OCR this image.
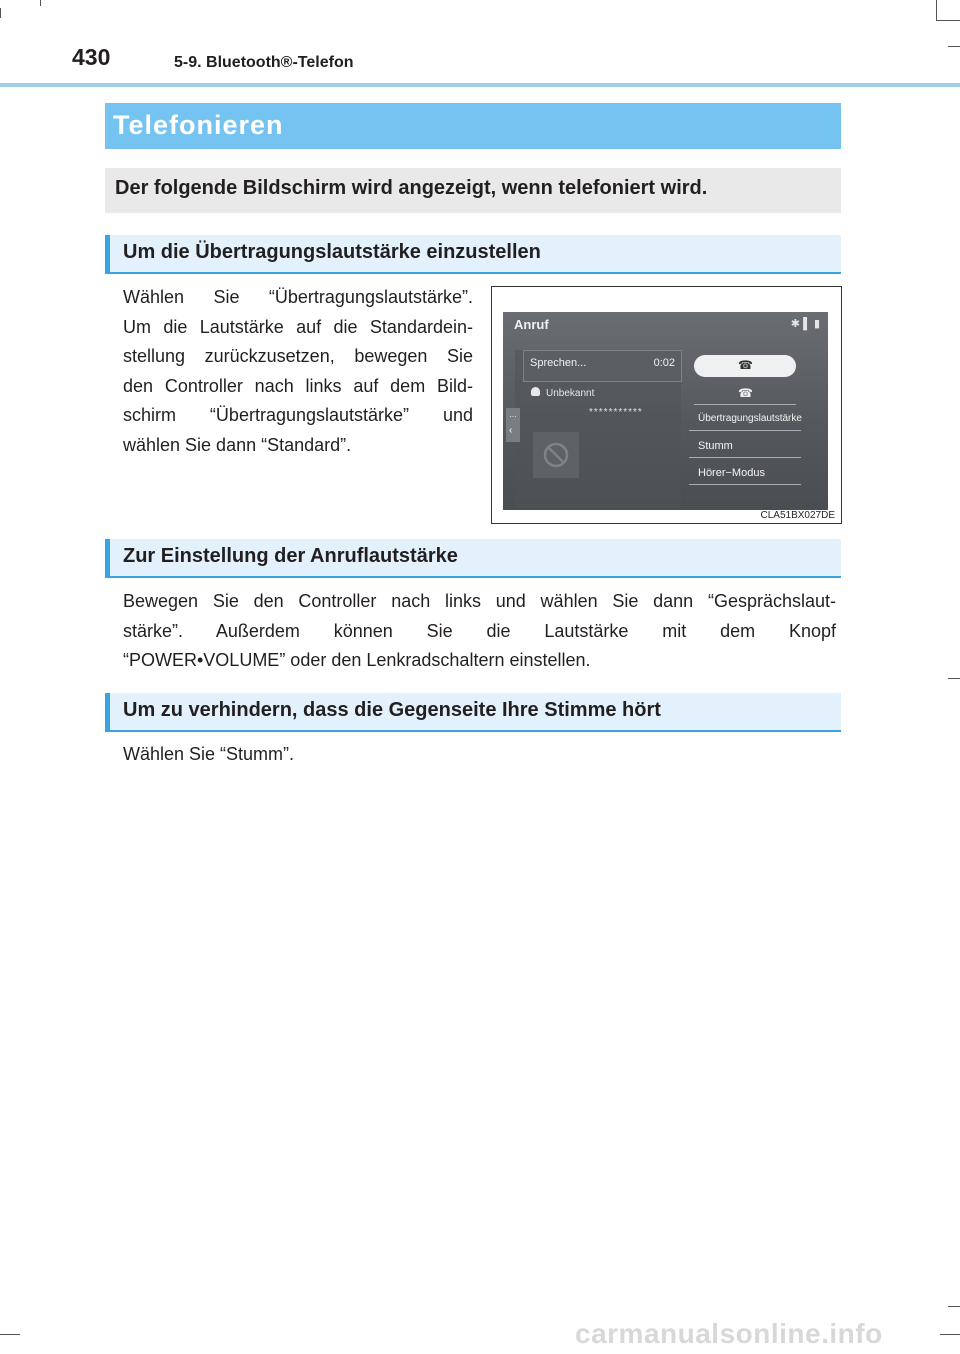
430	5-9. Bluetooth®-Telefon
Telefonieren
Der folgende Bildschirm wird angezeigt, wenn telefoniert wird.
Um die Übertragungslautstärke einzustellen
Wählen Sie “Übertragungslautstärke”.
Um die Lautstärke auf die Standardein-
stellung zurückzusetzen, bewegen Sie
den Controller nach links auf dem Bild-
schirm “Übertragungslautstärke” und
wählen Sie dann “Standard”.
Anruf	✱ ▌ ▮
Sprechen...	0:02
Unbekannt
***********
…
‹
☎
☎
Übertragungslautstärke
Stumm
Hörer−Modus
CLA51BX027DE
Zur Einstellung der Anruflautstärke
Bewegen Sie den Controller nach links und wählen Sie dann “Gesprächslaut-
stärke”. Außerdem können Sie die Lautstärke mit dem Knopf
“POWER•VOLUME” oder den Lenkradschaltern einstellen.
Um zu verhindern, dass die Gegenseite Ihre Stimme hört
Wählen Sie “Stumm”.
carmanualsonline.info
